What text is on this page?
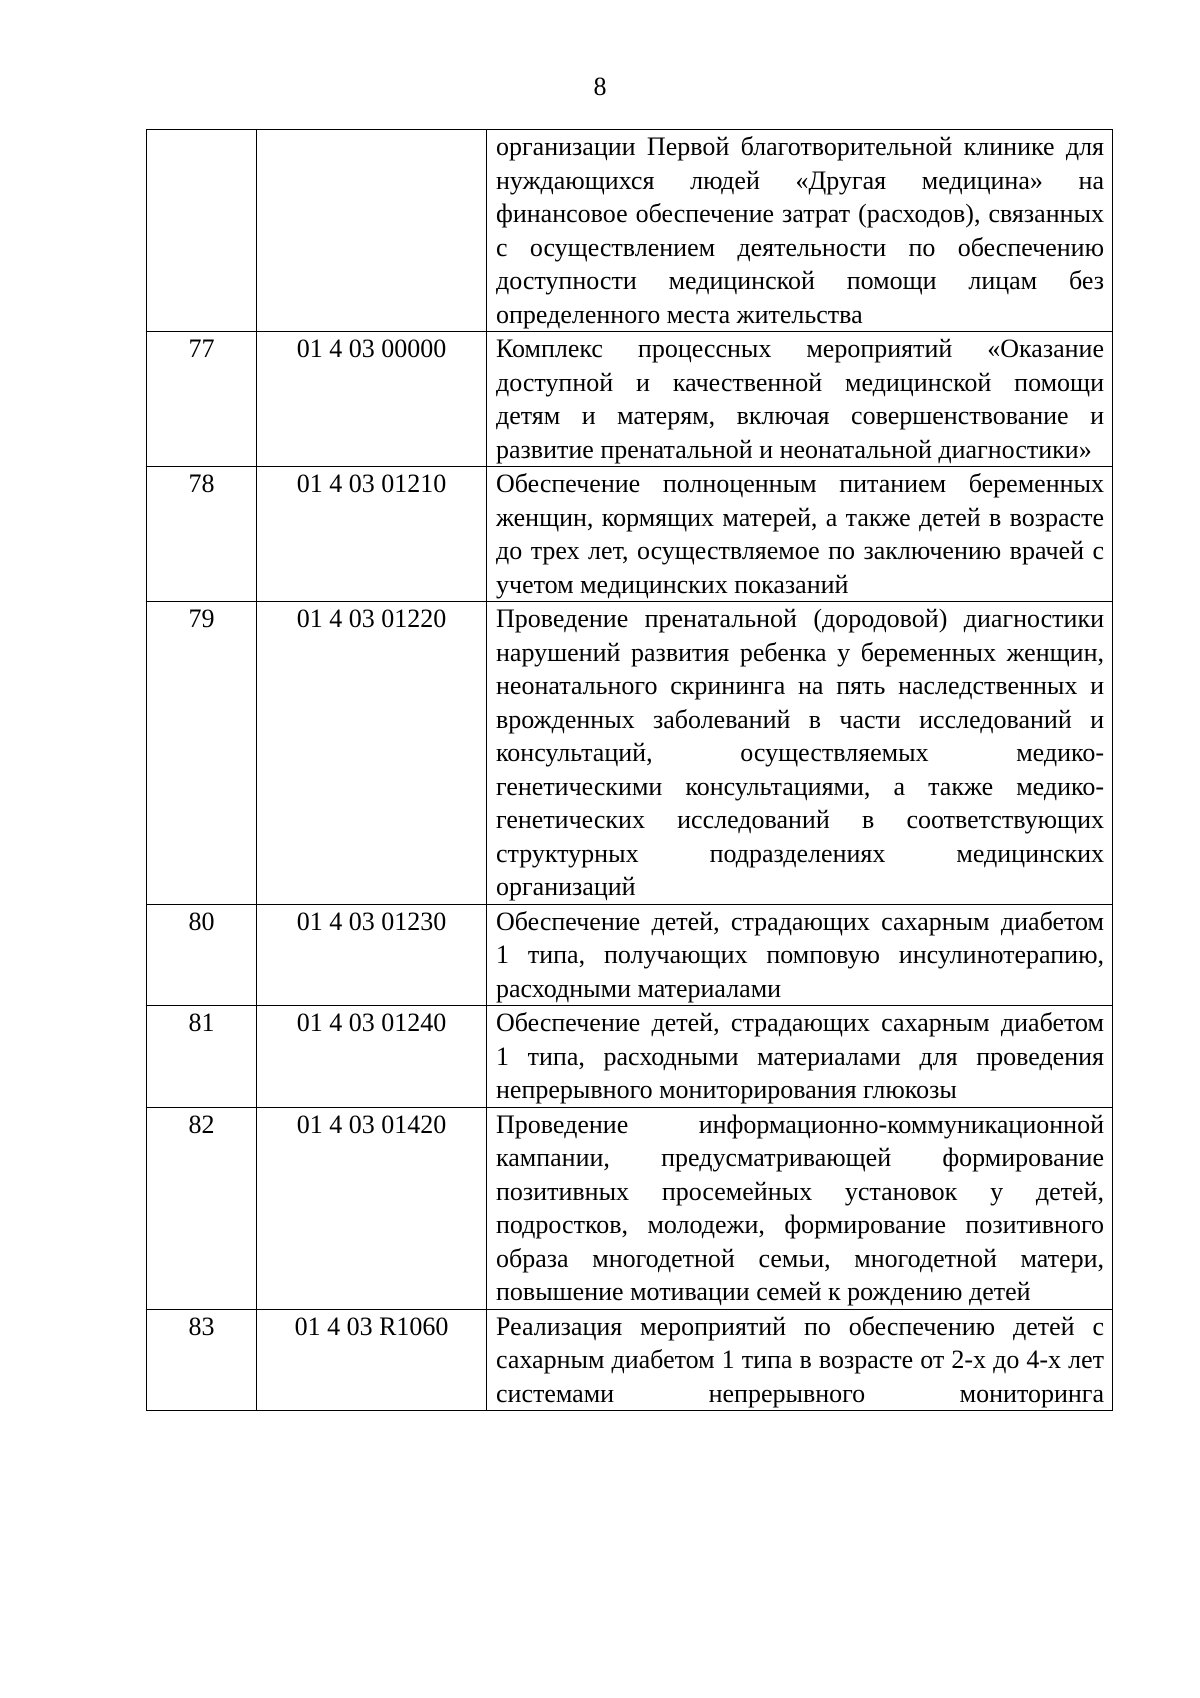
8
		организации Первой благотворительной клинике для нуждающихся людей «Другая медицина» на финансовое обеспечение затрат (расходов), связанных с осуществлением деятельности по обеспечению доступности медицинской помощи лицам без определенного места жительства
77	01 4 03 00000	Комплекс процессных мероприятий «Оказание доступной и качественной медицинской помощи детям и матерям, включая совершенствование и развитие пренатальной и неонатальной диагностики»
78	01 4 03 01210	Обеспечение полноценным питанием беременных женщин, кормящих матерей, а также детей в возрасте до трех лет, осуществляемое по заключению врачей с учетом медицинских показаний
79	01 4 03 01220	Проведение пренатальной (дородовой) диагностики нарушений развития ребенка у беременных женщин, неонатального скрининга на пять наследственных и врожденных заболеваний в части исследований и консультаций, осуществляемых медико-генетическими консультациями, а также медико-генетических исследований в соответствующих структурных подразделениях медицинских организаций
80	01 4 03 01230	Обеспечение детей, страдающих сахарным диабетом 1 типа, получающих помповую инсулинотерапию, расходными материалами
81	01 4 03 01240	Обеспечение детей, страдающих сахарным диабетом 1 типа, расходными материалами для проведения непрерывного мониторирования глюкозы
82	01 4 03 01420	Проведение информационно-коммуникационной кампании, предусматривающей формирование позитивных просемейных установок у детей, подростков, молодежи, формирование позитивного образа многодетной семьи, многодетной матери, повышение мотивации семей к рождению детей
83	01 4 03 R1060	Реализация мероприятий по обеспечению детей с сахарным диабетом 1 типа в возрасте от 2-х до 4-х лет системами непрерывного мониторинга
